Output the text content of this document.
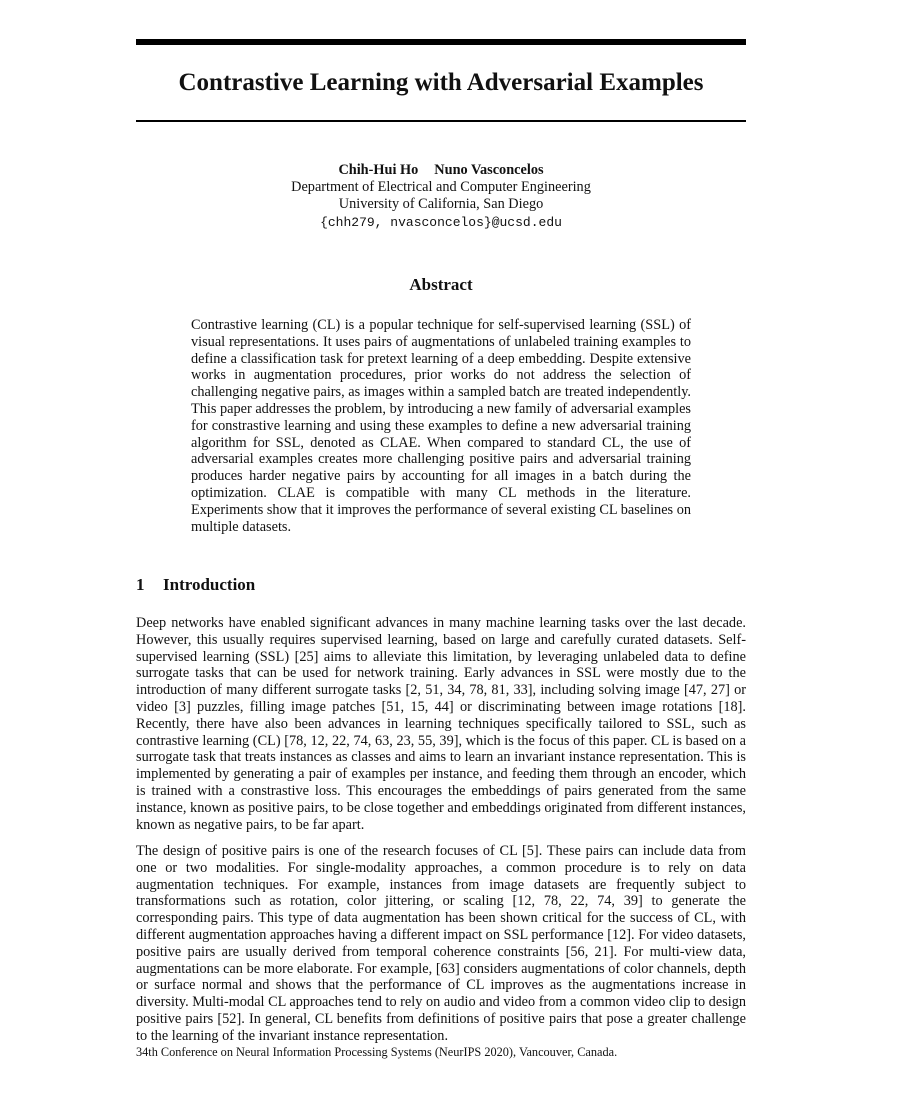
Contrastive Learning with Adversarial Examples
Chih-Hui Ho Nuno Vasconcelos
Department of Electrical and Computer Engineering
University of California, San Diego
{chh279, nvasconcelos}@ucsd.edu
Abstract

Contrastive learning (CL) is a popular technique for self-supervised learning (SSL) of visual representations. It uses pairs of augmentations of unlabeled training examples to define a classification task for pretext learning of a deep embedding. Despite extensive works in augmentation procedures, prior works do not address the selection of challenging negative pairs, as images within a sampled batch are treated independently. This paper addresses the problem, by introducing a new family of adversarial examples for constrastive learning and using these examples to define a new adversarial training algorithm for SSL, denoted as CLAE. When compared to standard CL, the use of adversarial examples creates more challenging positive pairs and adversarial training produces harder negative pairs by accounting for all images in a batch during the optimization. CLAE is compatible with many CL methods in the literature. Experiments show that it improves the performance of several existing CL baselines on multiple datasets.

1 Introduction

Deep networks have enabled significant advances in many machine learning tasks over the last decade. However, this usually requires supervised learning, based on large and carefully curated datasets. Self-supervised learning (SSL) [25] aims to alleviate this limitation, by leveraging unlabeled data to define surrogate tasks that can be used for network training. Early advances in SSL were mostly due to the introduction of many different surrogate tasks [2, 51, 34, 78, 81, 33], including solving image [47, 27] or video [3] puzzles, filling image patches [51, 15, 44] or discriminating between image rotations [18]. Recently, there have also been advances in learning techniques specifically tailored to SSL, such as contrastive learning (CL) [78, 12, 22, 74, 63, 23, 55, 39], which is the focus of this paper. CL is based on a surrogate task that treats instances as classes and aims to learn an invariant instance representation. This is implemented by generating a pair of examples per instance, and feeding them through an encoder, which is trained with a constrastive loss. This encourages the embeddings of pairs generated from the same instance, known as positive pairs, to be close together and embeddings originated from different instances, known as negative pairs, to be far apart.

The design of positive pairs is one of the research focuses of CL [5]. These pairs can include data from one or two modalities. For single-modality approaches, a common procedure is to rely on data augmentation techniques. For example, instances from image datasets are frequently subject to transformations such as rotation, color jittering, or scaling [12, 78, 22, 74, 39] to generate the corresponding pairs. This type of data augmentation has been shown critical for the success of CL, with different augmentation approaches having a different impact on SSL performance [12]. For video datasets, positive pairs are usually derived from temporal coherence constraints [56, 21]. For multi-view data, augmentations can be more elaborate. For example, [63] considers augmentations of color channels, depth or surface normal and shows that the performance of CL improves as the augmentations increase in diversity. Multi-modal CL approaches tend to rely on audio and video from a common video clip to design positive pairs [52]. In general, CL benefits from definitions of positive pairs that pose a greater challenge to the learning of the invariant instance representation.

34th Conference on Neural Information Processing Systems (NeurIPS 2020), Vancouver, Canada.
